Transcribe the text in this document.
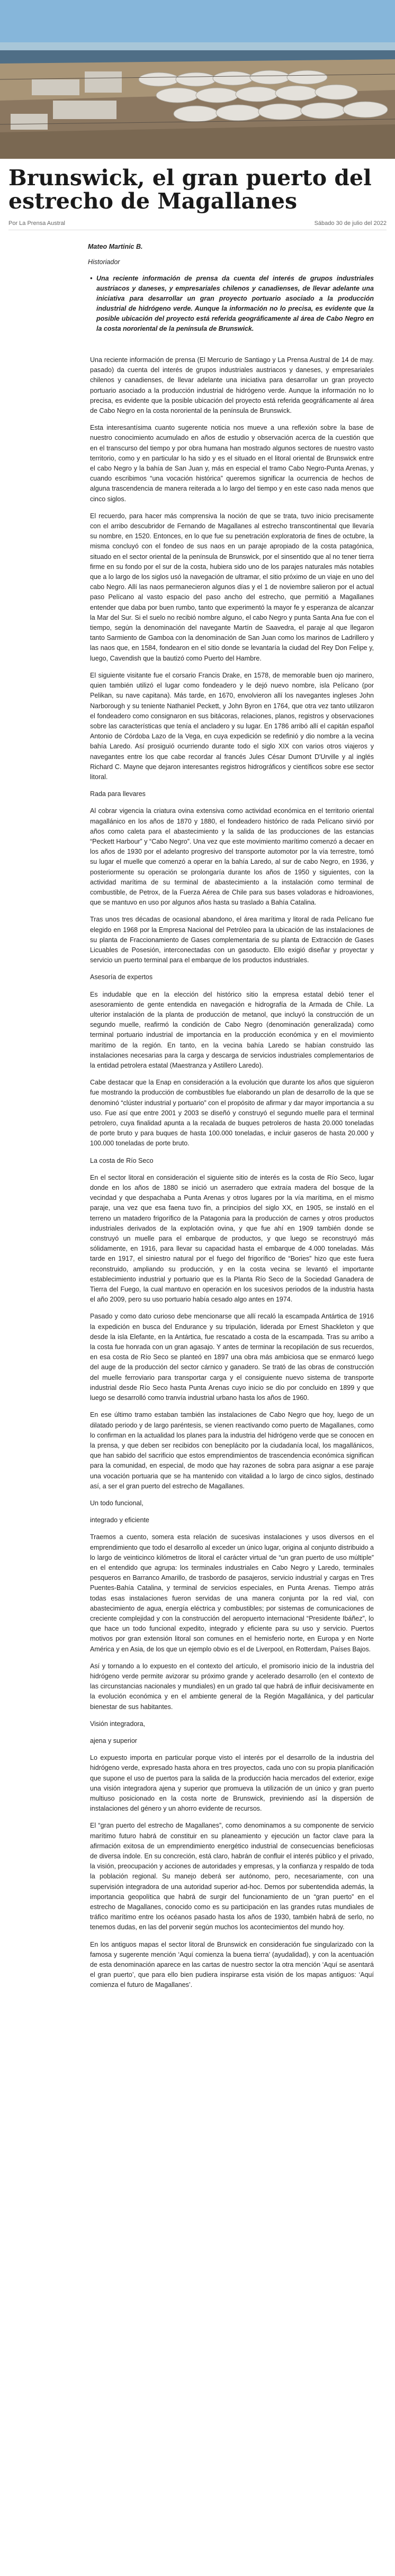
Brunswick, el gran puerto del estrecho de Magallanes
Por La Prensa Austral	Sábado 30 de julio del 2022
Mateo Martinic B.
Historiador
• Una reciente información de prensa da cuenta del interés de grupos industriales austriacos y daneses, y empresariales chilenos y canadienses, de llevar adelante una iniciativa para desarrollar un gran proyecto portuario asociado a la producción industrial de hidrógeno verde. Aunque la información no lo precisa, es evidente que la posible ubicación del proyecto está referida geográficamente al área de Cabo Negro en la costa nororiental de la península de Brunswick.

Una reciente información de prensa (El Mercurio de Santiago y La Prensa Austral de 14 de may. pasado) da cuenta del interés de grupos industriales austriacos y daneses, y empresariales chilenos y canadienses, de llevar adelante una iniciativa para desarrollar un gran proyecto portuario asociado a la producción industrial de hidrógeno verde. Aunque la información no lo precisa, es evidente que la posible ubicación del proyecto está referida geográficamente al área de Cabo Negro en la costa nororiental de la península de Brunswick.

Esta interesantísima cuanto sugerente noticia nos mueve a una reflexión sobre la base de nuestro conocimiento acumulado en años de estudio y observación acerca de la cuestión que en el transcurso del tiempo y por obra humana han mostrado algunos sectores de nuestro vasto territorio, como y en particular lo ha sido y es el situado en el litoral oriental de Brunswick entre el cabo Negro y la bahía de San Juan y, más en especial el tramo Cabo Negro-Punta Arenas, y cuando escribimos “una vocación histórica” queremos significar la ocurrencia de hechos de alguna trascendencia de manera reiterada a lo largo del tiempo y en este caso nada menos que cinco siglos.

El recuerdo, para hacer más comprensiva la noción de que se trata, tuvo inicio precisamente con el arribo descubridor de Fernando de Magallanes al estrecho transcontinental que llevaría su nombre, en 1520. Entonces, en lo que fue su penetración exploratoria de fines de octubre, la misma concluyó con el fondeo de sus naos en un paraje apropiado de la costa patagónica, situado en el sector oriental de la península de Brunswick, por el sinsentido que al no tener tierra firme en su fondo por el sur de la costa, hubiera sido uno de los parajes naturales más notables que a lo largo de los siglos usó la navegación de ultramar, el sitio próximo de un viaje en uno del cabo Negro. Allí las naos permanecieron algunos días y el 1 de noviembre salieron por el actual paso Pelícano al vasto espacio del paso ancho del estrecho, que permitió a Magallanes entender que daba por buen rumbo, tanto que experimentó la mayor fe y esperanza de alcanzar la Mar del Sur. Si el suelo no recibió nombre alguno, el cabo Negro y punta Santa Ana fue con el tiempo, según la denominación del navegante Martín de Saavedra, el paraje al que llegaron tanto Sarmiento de Gamboa con la denominación de San Juan como los marinos de Ladrillero y las naos que, en 1584, fondearon en el sitio donde se levantaría la ciudad del Rey Don Felipe y, luego, Cavendish que la bautizó como Puerto del Hambre.

El siguiente visitante fue el corsario Francis Drake, en 1578, de memorable buen ojo marinero, quien también utilizó el lugar como fondeadero y le dejó nuevo nombre, isla Pelícano (por Pelikan, su nave capitana). Más tarde, en 1670, envolvieron allí los navegantes ingleses John Narborough y su teniente Nathaniel Peckett, y John Byron en 1764, que otra vez tanto utilizaron el fondeadero como consignaron en sus bitácoras, relaciones, planos, registros y observaciones sobre las características que tenía el ancladero y su lugar. En 1786 arribó allí el capitán español Antonio de Córdoba Lazo de la Vega, en cuya expedición se redefinió y dio nombre a la vecina bahía Laredo. Así prosiguió ocurriendo durante todo el siglo XIX con varios otros viajeros y navegantes entre los que cabe recordar al francés Jules César Dumont D'Urville y al inglés Richard C. Mayne que dejaron interesantes registros hidrográficos y científicos sobre ese sector litoral.

Rada para llevares

Al cobrar vigencia la criatura ovina extensiva como actividad económica en el territorio oriental magallánico en los años de 1870 y 1880, el fondeadero histórico de rada Pelícano sirvió por años como caleta para el abastecimiento y la salida de las producciones de las estancias “Peckett Harbour” y “Cabo Negro”. Una vez que este movimiento marítimo comenzó a decaer en los años de 1930 por el adelanto progresivo del transporte automotor por la vía terrestre, tomó su lugar el muelle que comenzó a operar en la bahía Laredo, al sur de cabo Negro, en 1936, y posteriormente su operación se prolongaría durante los años de 1950 y siguientes, con la actividad marítima de su terminal de abastecimiento a la instalación como terminal de combustible, de Petrox, de la Fuerza Aérea de Chile para sus bases voladoras e hidroaviones, que se mantuvo en uso por algunos años hasta su traslado a Bahía Catalina.

Tras unos tres décadas de ocasional abandono, el área marítima y litoral de rada Pelícano fue elegido en 1968 por la Empresa Nacional del Petróleo para la ubicación de las instalaciones de su planta de Fraccionamiento de Gases complementaria de su planta de Extracción de Gases Licuables de Posesión, interconectadas con un gasoducto. Ello exigió diseñar y proyectar y servicio un puerto terminal para el embarque de los productos industriales.

Asesoría de expertos

Es indudable que en la elección del histórico sitio la empresa estatal debió tener el asesoramiento de gente entendida en navegación e hidrografía de la Armada de Chile. La ulterior instalación de la planta de producción de metanol, que incluyó la construcción de un segundo muelle, reafirmó la condición de Cabo Negro (denominación generalizada) como terminal portuario industrial de importancia en la producción económica y en el movimiento marítimo de la región. En tanto, en la vecina bahía Laredo se habían construido las instalaciones necesarias para la carga y descarga de servicios industriales complementarios de la entidad petrolera estatal (Maestranza y Astillero Laredo).

Cabe destacar que la Enap en consideración a la evolución que durante los años que siguieron fue mostrando la producción de combustibles fue elaborando un plan de desarrollo de la que se denominó “clúster industrial y portuario” con el propósito de afirmar y dar mayor importancia a su uso. Fue así que entre 2001 y 2003 se diseñó y construyó el segundo muelle para el terminal petrolero, cuya finalidad apunta a la recalada de buques petroleros de hasta 20.000 toneladas de porte bruto y para buques de hasta 100.000 toneladas, e incluir gaseros de hasta 20.000 y 100.000 toneladas de porte bruto.

La costa de Río Seco

En el sector litoral en consideración el siguiente sitio de interés es la costa de Río Seco, lugar donde en los años de 1880 se inició un aserradero que extraía madera del bosque de la vecindad y que despachaba a Punta Arenas y otros lugares por la vía marítima, en el mismo paraje, una vez que esa faena tuvo fin, a principios del siglo XX, en 1905, se instaló en el terreno un matadero frigorífico de la Patagonia para la producción de carnes y otros productos industriales derivados de la explotación ovina, y que fue ahí en 1909 también donde se construyó un muelle para el embarque de productos, y que luego se reconstruyó más sólidamente, en 1916, para llevar su capacidad hasta el embarque de 4.000 toneladas. Más tarde en 1917, el siniestro natural por el fuego del frigorífico de “Bories” hizo que este fuera reconstruido, ampliando su producción, y en la costa vecina se levantó el importante establecimiento industrial y portuario que es la Planta Río Seco de la Sociedad Ganadera de Tierra del Fuego, la cual mantuvo en operación en los sucesivos periodos de la industria hasta el año 2009, pero su uso portuario había cesado algo antes en 1974.

Pasado y como dato curioso debe mencionarse que allí recaló la escampada Antártica de 1916 la expedición en busca del Endurance y su tripulación, liderada por Ernest Shackleton y que desde la isla Elefante, en la Antártica, fue rescatado a costa de la escampada. Tras su arribo a la costa fue honrada con un gran agasajo. Y antes de terminar la recopilación de sus recuerdos, en esa costa de Río Seco se planteó en 1897 una obra más ambiciosa que se enmarcó luego del auge de la producción del sector cárnico y ganadero. Se trató de las obras de construcción del muelle ferroviario para transportar carga y el consiguiente nuevo sistema de transporte industrial desde Río Seco hasta Punta Arenas cuyo inicio se dio por concluido en 1899 y que luego se desarrolló como tranvía industrial urbano hasta los años de 1960.

En ese último tramo estaban también las instalaciones de Cabo Negro que hoy, luego de un dilatado periodo y de largo paréntesis, se vienen reactivando como puerto de Magallanes, como lo confirman en la actualidad los planes para la industria del hidrógeno verde que se conocen en la prensa, y que deben ser recibidos con beneplácito por la ciudadanía local, los magallánicos, que han sabido del sacrificio que estos emprendimientos de trascendencia económica significan para la comunidad, en especial, de modo que hay razones de sobra para asignar a ese paraje una vocación portuaria que se ha mantenido con vitalidad a lo largo de cinco siglos, destinado así, a ser el gran puerto del estrecho de Magallanes.

Un todo funcional,

integrado y eficiente

Traemos a cuento, somera esta relación de sucesivas instalaciones y usos diversos en el emprendimiento que todo el desarrollo al exceder un único lugar, origina al conjunto distribuido a lo largo de veinticinco kilómetros de litoral el carácter virtual de “un gran puerto de uso múltiple” en el entendido que agrupa: los terminales industriales en Cabo Negro y Laredo, terminales pesqueros en Barranco Amarillo, de trasbordo de pasajeros, servicio industrial y cargas en Tres Puentes-Bahía Catalina, y terminal de servicios especiales, en Punta Arenas. Tiempo atrás todas esas instalaciones fueron servidas de una manera conjunta por la red vial, con abastecimiento de agua, energía eléctrica y combustibles; por sistemas de comunicaciones de creciente complejidad y con la construcción del aeropuerto internacional “Presidente Ibáñez”, lo que hace un todo funcional expedito, integrado y eficiente para su uso y servicio. Puertos motivos por gran extensión litoral son comunes en el hemisferio norte, en Europa y en Norte América y en Asia, de los que un ejemplo obvio es el de Liverpool, en Rotterdam, Países Bajos.

Así y tornando a lo expuesto en el contexto del artículo, el promisorio inicio de la industria del hidrógeno verde permite avizorar su próximo grande y acelerado desarrollo (en el contexto de las circunstancias nacionales y mundiales) en un grado tal que habrá de influir decisivamente en la evolución económica y en el ambiente general de la Región Magallánica, y del particular bienestar de sus habitantes.

Visión integradora,

ajena y superior

Lo expuesto importa en particular porque visto el interés por el desarrollo de la industria del hidrógeno verde, expresado hasta ahora en tres proyectos, cada uno con su propia planificación que supone el uso de puertos para la salida de la producción hacia mercados del exterior, exige una visión integradora ajena y superior que promueva la utilización de un único y gran puerto multiuso posicionado en la costa norte de Brunswick, previniendo así la dispersión de instalaciones del género y un ahorro evidente de recursos.

El “gran puerto del estrecho de Magallanes”, como denominamos a su componente de servicio marítimo futuro habrá de constituir en su planeamiento y ejecución un factor clave para la afirmación exitosa de un emprendimiento energético industrial de consecuencias beneficiosas de diversa índole. En su concreción, está claro, habrán de confluir el interés público y el privado, la visión, preocupación y acciones de autoridades y empresas, y la confianza y respaldo de toda la población regional. Su manejo deberá ser autónomo, pero, necesariamente, con una supervisión integradora de una autoridad superior ad-hoc. Demos por subentendida además, la importancia geopolítica que habrá de surgir del funcionamiento de un “gran puerto” en el estrecho de Magallanes, conocido como es su participación en las grandes rutas mundiales de tráfico marítimo entre los océanos pasado hasta los años de 1930, también habrá de serlo, no tenemos dudas, en las del porvenir según muchos los acontecimientos del mundo hoy.

En los antiguos mapas el sector litoral de Brunswick en consideración fue singularizado con la famosa y sugerente mención ‘Aquí comienza la buena tierra’ (ayudalidad), y con la acentuación de esta denominación aparece en las cartas de nuestro sector la otra mención ‘Aquí se asentará el gran puerto’, que para ello bien pudiera inspirarse esta visión de los mapas antiguos: ‘Aquí comienza el futuro de Magallanes’.
